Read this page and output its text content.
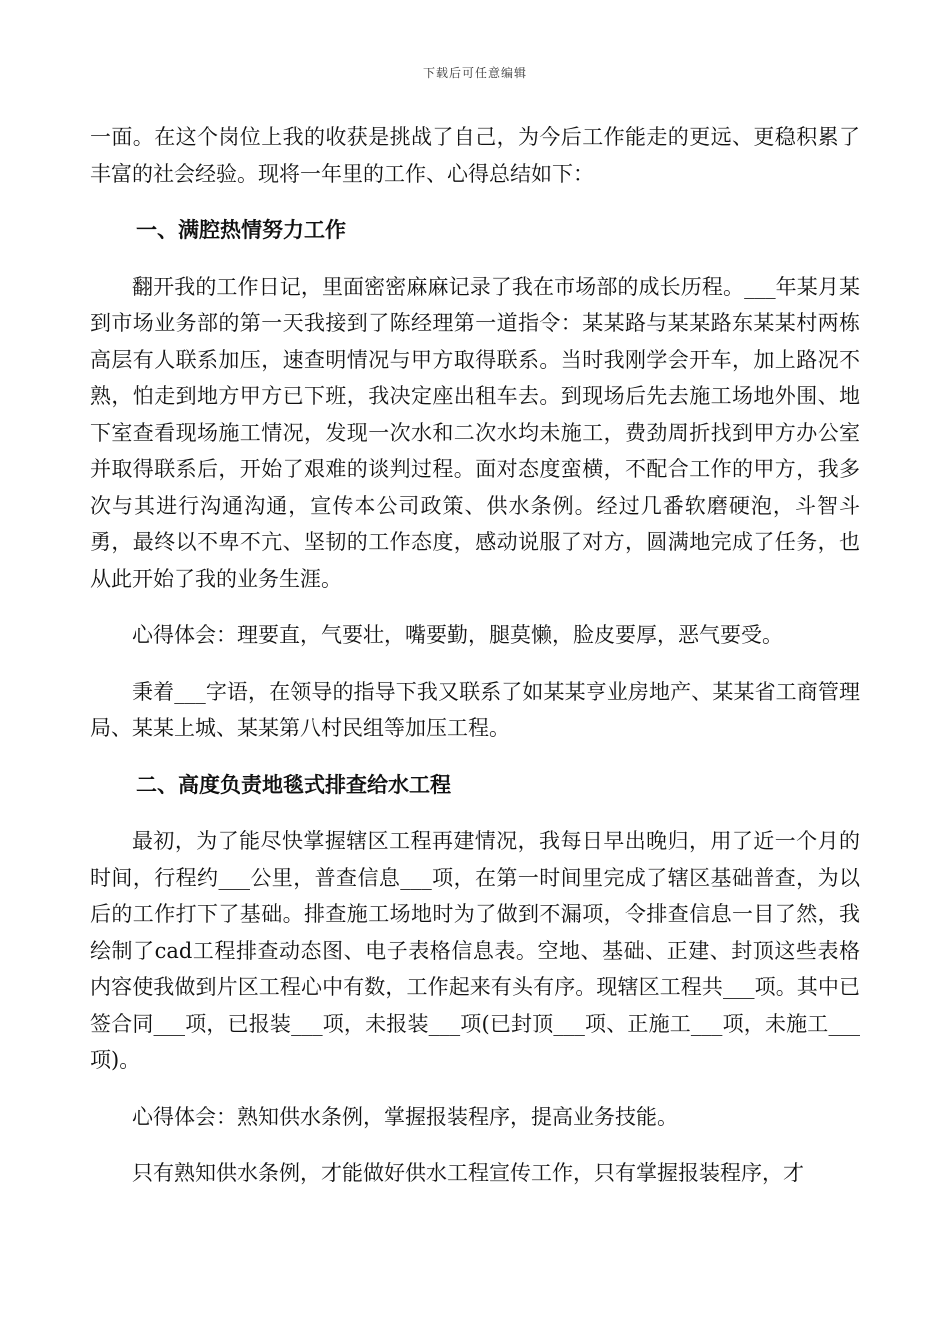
下载后可任意编辑

一面。在这个岗位上我的收获是挑战了自己，为今后工作能走的更远、更稳积累了丰富的社会经验。现将一年里的工作、心得总结如下：

一、满腔热情努力工作

翻开我的工作日记，里面密密麻麻记录了我在市场部的成长历程。___年某月某到市场业务部的第一天我接到了陈经理第一道指令：某某路与某某路东某某村两栋高层有人联系加压，速查明情况与甲方取得联系。当时我刚学会开车，加上路况不熟，怕走到地方甲方已下班，我决定座出租车去。到现场后先去施工场地外围、地下室查看现场施工情况，发现一次水和二次水均未施工，费劲周折找到甲方办公室并取得联系后，开始了艰难的谈判过程。面对态度蛮横，不配合工作的甲方，我多次与其进行沟通沟通，宣传本公司政策、供水条例。经过几番软磨硬泡，斗智斗勇，最终以不卑不亢、坚韧的工作态度，感动说服了对方，圆满地完成了任务，也从此开始了我的业务生涯。

心得体会：理要直，气要壮，嘴要勤，腿莫懒，脸皮要厚，恶气要受。

秉着___字语，在领导的指导下我又联系了如某某亨业房地产、某某省工商管理局、某某上城、某某第八村民组等加压工程。

二、高度负责地毯式排查给水工程

最初，为了能尽快掌握辖区工程再建情况，我每日早出晚归，用了近一个月的时间，行程约___公里，普查信息___项，在第一时间里完成了辖区基础普查，为以后的工作打下了基础。排查施工场地时为了做到不漏项，令排查信息一目了然，我绘制了cad工程排查动态图、电子表格信息表。空地、基础、正建、封顶这些表格内容使我做到片区工程心中有数，工作起来有头有序。现辖区工程共___项。其中已签合同___项，已报装___项，未报装___项(已封顶___项、正施工___项，未施工___项)。

心得体会：熟知供水条例，掌握报装程序，提高业务技能。

只有熟知供水条例，才能做好供水工程宣传工作，只有掌握报装程序，才
